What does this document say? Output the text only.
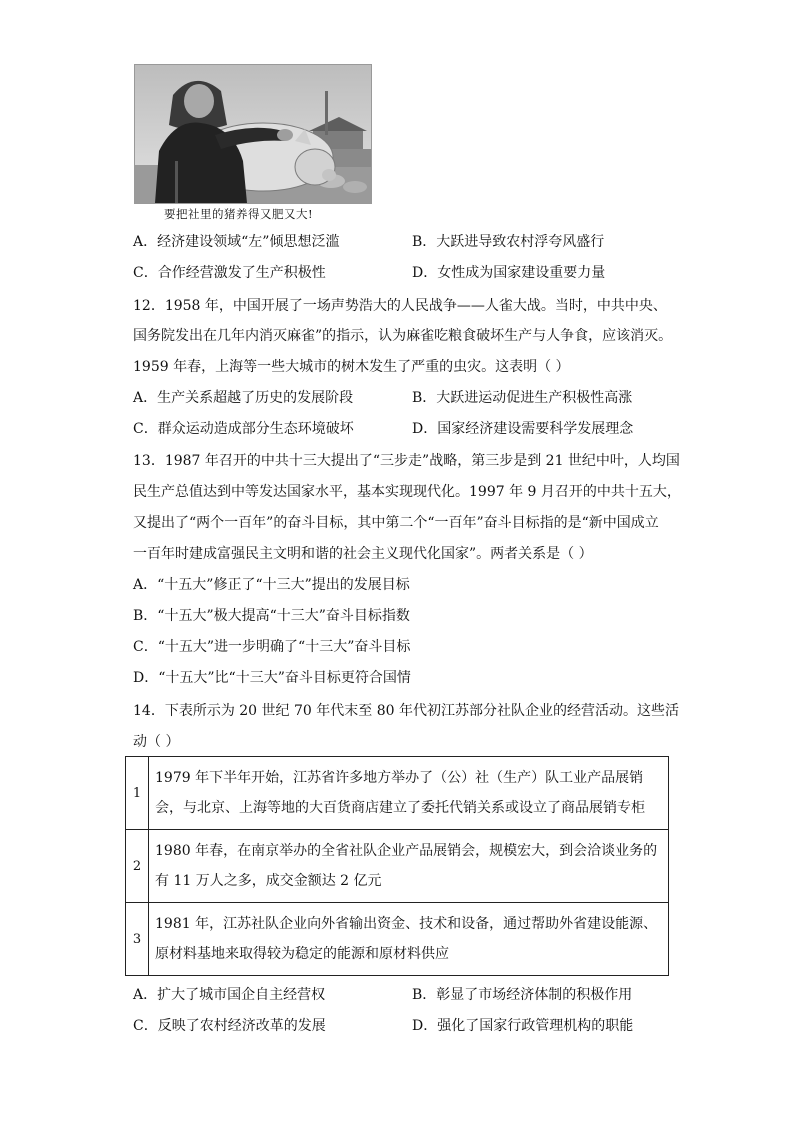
要把社里的猪养得又肥又大!
A．经济建设领域“左”倾思想泛滥	B．大跃进导致农村浮夸风盛行
C．合作经营激发了生产积极性	D．女性成为国家建设重要力量
12．1958 年，中国开展了一场声势浩大的人民战争——人雀大战。当时，中共中央、
国务院发出在几年内消灭麻雀”的指示，认为麻雀吃粮食破坏生产与人争食，应该消灭。
1959 年春，上海等一些大城市的树木发生了严重的虫灾。这表明（ ）
A．生产关系超越了历史的发展阶段	B．大跃进运动促进生产积极性高涨
C．群众运动造成部分生态环境破坏	D．国家经济建设需要科学发展理念
13．1987 年召开的中共十三大提出了“三步走”战略，第三步是到 21 世纪中叶，人均国
民生产总值达到中等发达国家水平，基本实现现代化。1997 年 9 月召开的中共十五大，
又提出了“两个一百年”的奋斗目标，其中第二个“一百年”奋斗目标指的是“新中国成立
一百年时建成富强民主文明和谐的社会主义现代化国家”。两者关系是（ ）
A．“十五大”修正了“十三大”提出的发展目标
B．“十五大”极大提高“十三大”奋斗目标指数
C．“十五大”进一步明确了“十三大”奋斗目标
D．“十五大”比“十三大”奋斗目标更符合国情
14．下表所示为 20 世纪 70 年代末至 80 年代初江苏部分社队企业的经营活动。这些活
动（ ）
1	1979 年下半年开始，江苏省许多地方举办了（公）社（生产）队工业产品展销会，与北京、上海等地的大百货商店建立了委托代销关系或设立了商品展销专柜
2	1980 年春，在南京举办的全省社队企业产品展销会，规模宏大，到会洽谈业务的有 11 万人之多，成交金额达 2 亿元
3	1981 年，江苏社队企业向外省输出资金、技术和设备，通过帮助外省建设能源、原材料基地来取得较为稳定的能源和原材料供应
A．扩大了城市国企自主经营权	B．彰显了市场经济体制的积极作用
C．反映了农村经济改革的发展	D．强化了国家行政管理机构的职能
